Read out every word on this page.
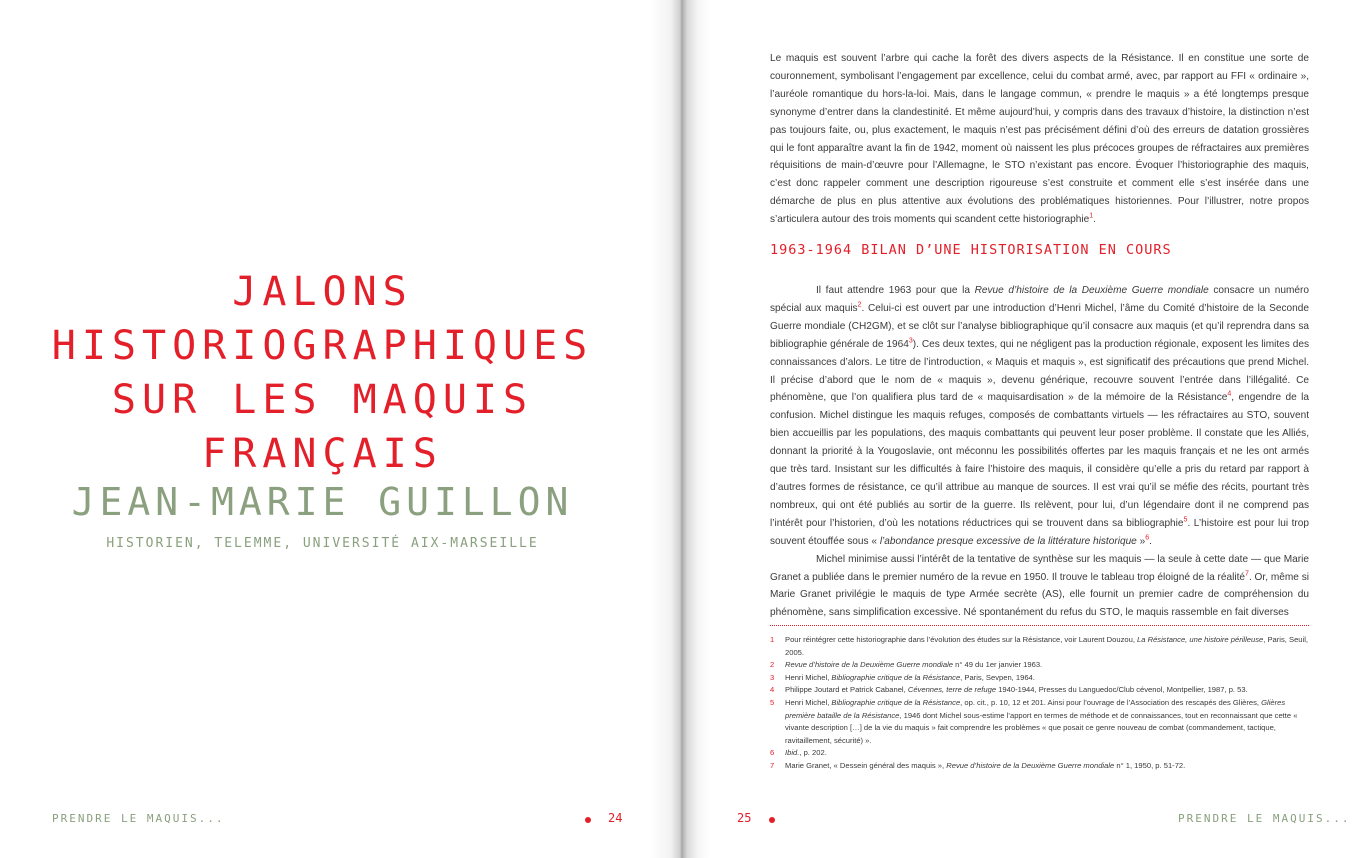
JALONS
HISTORIOGRAPHIQUES
SUR LES MAQUIS
FRANÇAIS
JEAN-MARIE GUILLON
HISTORIEN, TELEMME, UNIVERSITÉ AIX-MARSEILLE
PRENDRE LE MAQUIS...	24	25	PRENDRE LE MAQUIS...
Le maquis est souvent l’arbre qui cache la forêt des divers aspects de la Résistance. Il en constitue une sorte de couronnement, symbolisant l’engagement par excellence, celui du combat armé, avec, par rapport au FFI « ordinaire », l’auréole romantique du hors-la-loi. Mais, dans le langage commun, « prendre le maquis » a été longtemps presque synonyme d’entrer dans la clandestinité. Et même aujourd’hui, y compris dans des travaux d’histoire, la distinction n’est pas toujours faite, ou, plus exactement, le maquis n’est pas précisément défini d’où des erreurs de datation grossières qui le font apparaître avant la fin de 1942, moment où naissent les plus précoces groupes de réfractaires aux premières réquisitions de main-d’œuvre pour l’Allemagne, le STO n’existant pas encore. Évoquer l’historiographie des maquis, c’est donc rappeler comment une description rigoureuse s’est construite et comment elle s’est insérée dans une démarche de plus en plus attentive aux évolutions des problématiques historiennes. Pour l’illustrer, notre propos s’articulera autour des trois moments qui scandent cette historiographie$^1$.
1963-1964 BILAN D’UNE HISTORISATION EN COURS

Il faut attendre 1963 pour que la Revue d’histoire de la Deuxième Guerre mondiale consacre un numéro spécial aux maquis$^2$. Celui-ci est ouvert par une introduction d’Henri Michel, l’âme du Comité d’histoire de la Seconde Guerre mondiale (CH2GM), et se clôt sur l’analyse bibliographique qu’il consacre aux maquis (et qu’il reprendra dans sa bibliographie générale de 1964$^3$). Ces deux textes, qui ne négligent pas la production régionale, exposent les limites des connaissances d’alors. Le titre de l’introduction, « Maquis et maquis », est significatif des précautions que prend Michel. Il précise d’abord que le nom de « maquis », devenu générique, recouvre souvent l’entrée dans l’illégalité. Ce phénomène, que l’on qualifiera plus tard de « maquisardisation » de la mémoire de la Résistance$^4$, engendre de la confusion. Michel distingue les maquis refuges, composés de combattants virtuels — les réfractaires au STO, souvent bien accueillis par les populations, des maquis combattants qui peuvent leur poser problème. Il constate que les Alliés, donnant la priorité à la Yougoslavie, ont méconnu les possibilités offertes par les maquis français et ne les ont armés que très tard. Insistant sur les difficultés à faire l’histoire des maquis, il considère qu’elle a pris du retard par rapport à d’autres formes de résistance, ce qu’il attribue au manque de sources. Il est vrai qu’il se méfie des récits, pourtant très nombreux, qui ont été publiés au sortir de la guerre. Ils relèvent, pour lui, d’un légendaire dont il ne comprend pas l’intérêt pour l’historien, d’où les notations réductrices qui se trouvent dans sa bibliographie$^5$. L’histoire est pour lui trop souvent étouffée sous « l’abondance presque excessive de la littérature historique »$^6$.

Michel minimise aussi l’intérêt de la tentative de synthèse sur les maquis — la seule à cette date — que Marie Granet a publiée dans le premier numéro de la revue en 1950. Il trouve le tableau trop éloigné de la réalité$^7$. Or, même si Marie Granet privilégie le maquis de type Armée secrète (AS), elle fournit un premier cadre de compréhension du phénomène, sans simplification excessive. Né spontanément du refus du STO, le maquis rassemble en fait diverses

1 Pour réintégrer cette historiographie dans l’évolution des études sur la Résistance, voir Laurent Douzou, La Résistance, une histoire périlleuse, Paris, Seuil, 2005.
2 Revue d’histoire de la Deuxième Guerre mondiale n° 49 du 1er janvier 1963.
3 Henri Michel, Bibliographie critique de la Résistance, Paris, Sevpen, 1964.
4 Philippe Joutard et Patrick Cabanel, Cévennes, terre de refuge 1940-1944, Presses du Languedoc/Club cévenol, Montpellier, 1987, p. 53.
5 Henri Michel, Bibliographie critique de la Résistance, op. cit., p. 10, 12 et 201. Ainsi pour l’ouvrage de l’Association des rescapés des Glières, Glières première bataille de la Résistance, 1946 dont Michel sous-estime l’apport en termes de méthode et de connaissances, tout en reconnaissant que cette « vivante description […] de la vie du maquis » fait comprendre les problèmes « que posait ce genre nouveau de combat (commandement, tactique, ravitaillement, sécurité) ».
6 Ibid., p. 202.
7 Marie Granet, « Dessein général des maquis », Revue d’histoire de la Deuxième Guerre mondiale n° 1, 1950, p. 51-72.
